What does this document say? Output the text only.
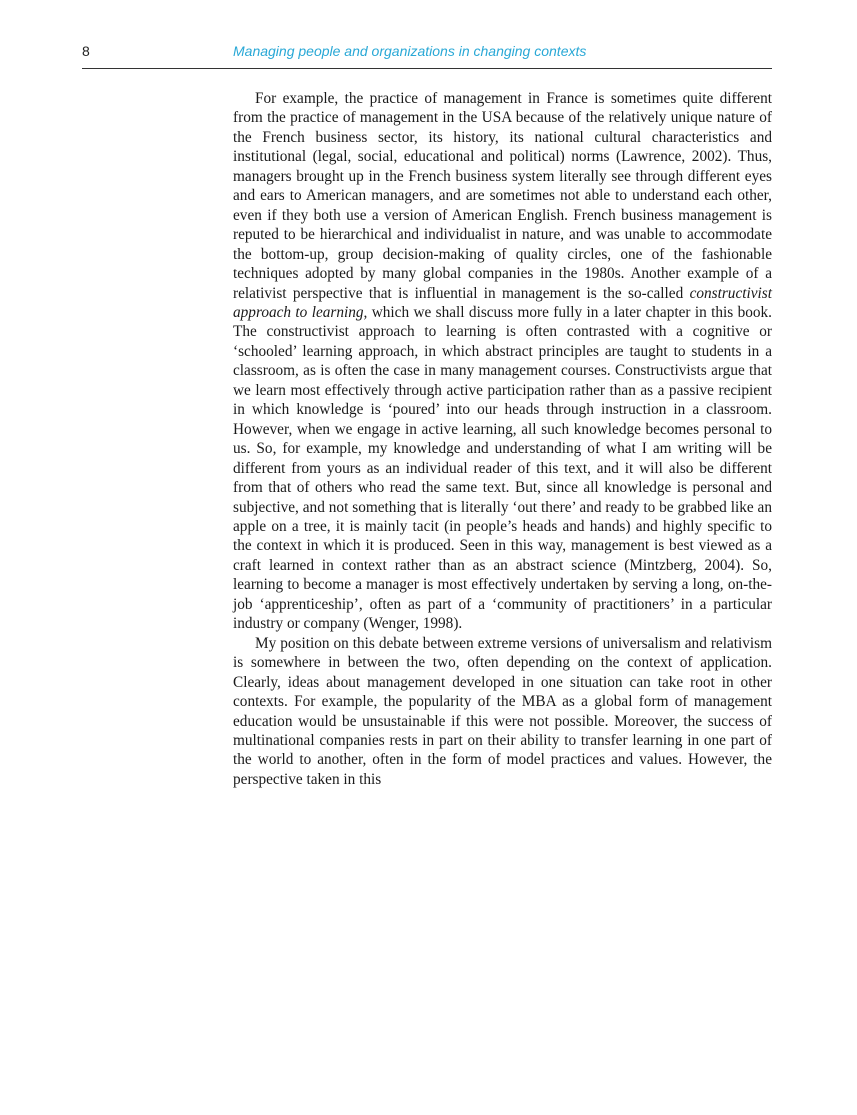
8	Managing people and organizations in changing contexts

For example, the practice of management in France is sometimes quite different from the practice of management in the USA because of the relatively unique nature of the French business sector, its history, its national cultural characteristics and institutional (legal, social, educational and political) norms (Lawrence, 2002). Thus, managers brought up in the French business system literally see through different eyes and ears to American managers, and are sometimes not able to understand each other, even if they both use a version of American English. French business management is reputed to be hierarchical and individualist in nature, and was unable to accommodate the bottom-up, group decision-making of quality circles, one of the fashionable techniques adopted by many global companies in the 1980s. Another example of a relativist perspective that is influential in management is the so-called constructivist approach to learning, which we shall discuss more fully in a later chapter in this book. The constructivist approach to learning is often contrasted with a cognitive or ‘schooled’ learning approach, in which abstract principles are taught to students in a classroom, as is often the case in many management courses. Constructivists argue that we learn most effectively through active participation rather than as a passive recipient in which knowledge is ‘poured’ into our heads through instruction in a classroom. However, when we engage in active learning, all such knowledge becomes personal to us. So, for example, my knowledge and understanding of what I am writing will be different from yours as an individual reader of this text, and it will also be different from that of others who read the same text. But, since all knowledge is personal and subjective, and not something that is literally ‘out there’ and ready to be grabbed like an apple on a tree, it is mainly tacit (in people’s heads and hands) and highly specific to the context in which it is produced. Seen in this way, management is best viewed as a craft learned in context rather than as an abstract science (Mintzberg, 2004). So, learning to become a manager is most effectively undertaken by serving a long, on-the-job ‘apprenticeship’, often as part of a ‘community of practitioners’ in a particular industry or company (Wenger, 1998).

My position on this debate between extreme versions of universalism and relativism is somewhere in between the two, often depending on the context of application. Clearly, ideas about management developed in one situation can take root in other contexts. For example, the popularity of the MBA as a global form of management education would be unsustainable if this were not possible. Moreover, the success of multinational companies rests in part on their ability to transfer learning in one part of the world to another, often in the form of model practices and values. However, the perspective taken in this
